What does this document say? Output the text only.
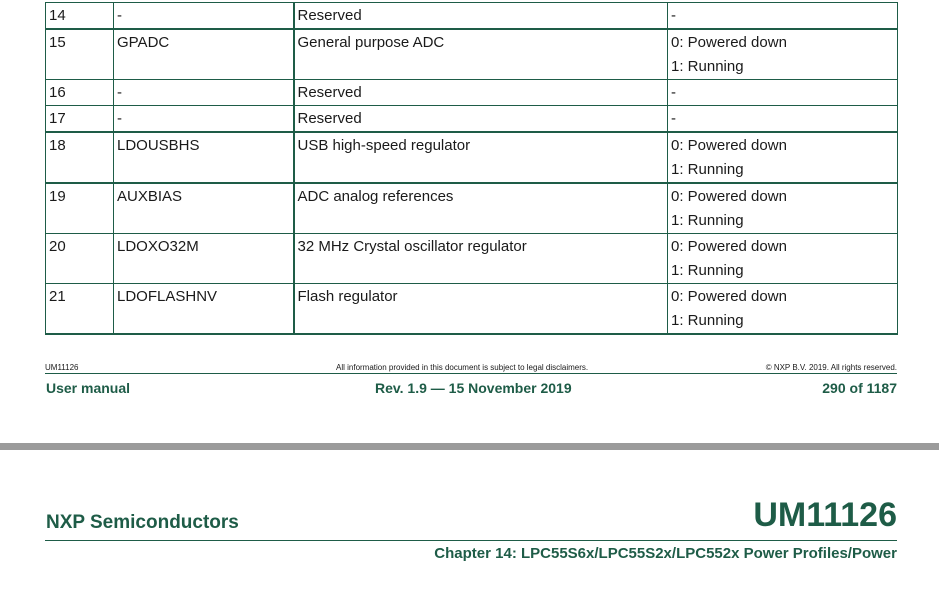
14	-	Reserved	-

15	GPADC	General purpose ADC	0: Powered down
1: Running

16	-	Reserved	-

17	-	Reserved	-

18	LDOUSBHS	USB high-speed regulator	0: Powered down
1: Running

19	AUXBIAS	ADC analog references	0: Powered down
1: Running

20	LDOXO32M	32 MHz Crystal oscillator regulator	0: Powered down
1: Running

21	LDOFLASHNV	Flash regulator	0: Powered down
1: Running
UM11126	All information provided in this document is subject to legal disclaimers.	© NXP B.V. 2019. All rights reserved.
User manual	Rev. 1.9 — 15 November 2019	290 of 1187
NXP Semiconductors	UM11126
Chapter 14: LPC55S6x/LPC55S2x/LPC552x Power Profiles/Power
